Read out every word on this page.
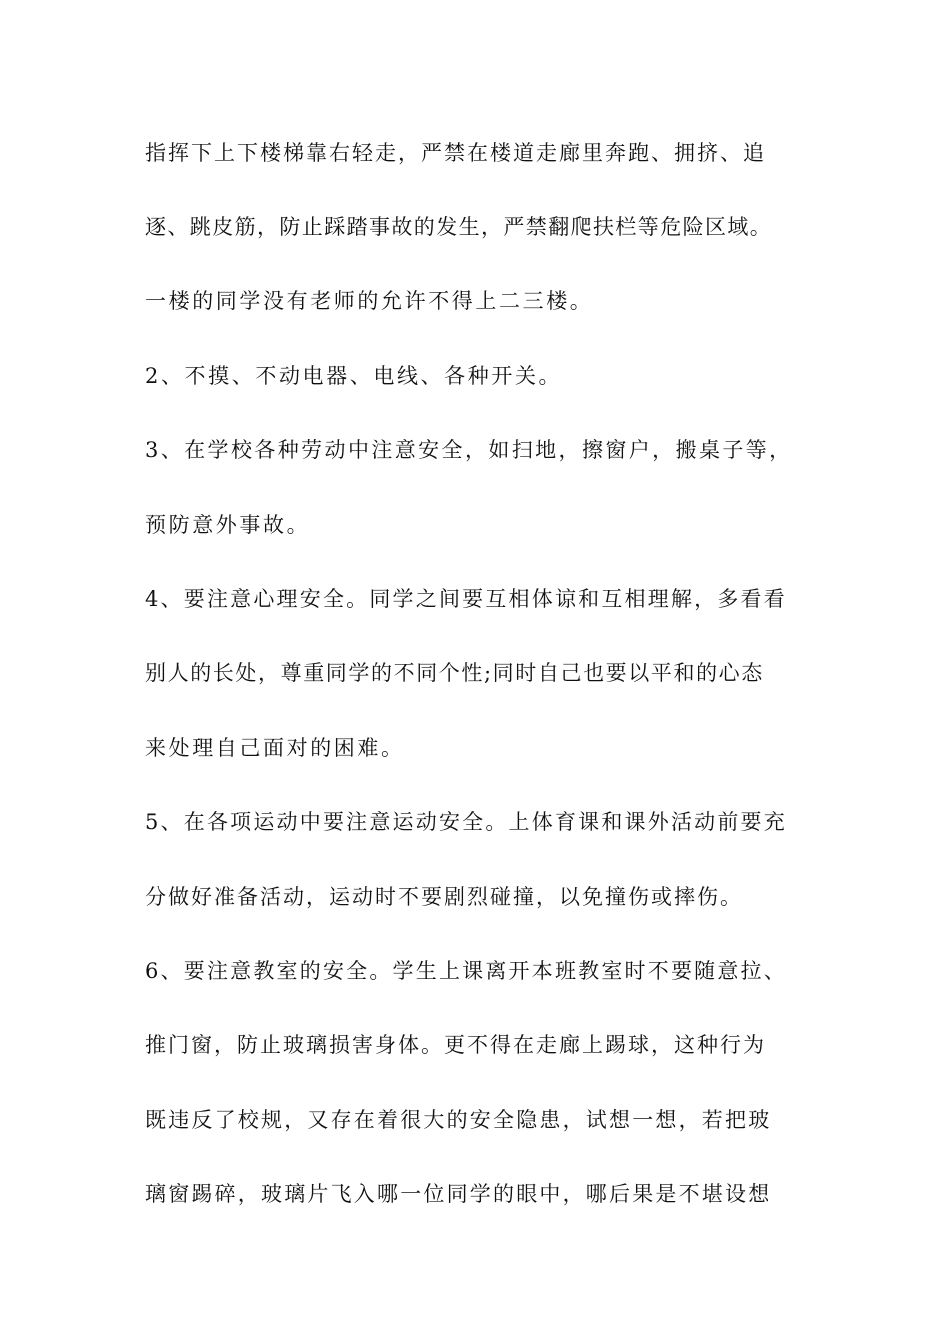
指挥下上下楼梯靠右轻走，严禁在楼道走廊里奔跑、拥挤、追

逐、跳皮筋，防止踩踏事故的发生，严禁翻爬扶栏等危险区域。

一楼的同学没有老师的允许不得上二三楼。

2、不摸、不动电器、电线、各种开关。

3、在学校各种劳动中注意安全，如扫地，擦窗户，搬桌子等，

预防意外事故。

4、要注意心理安全。同学之间要互相体谅和互相理解，多看看

别人的长处，尊重同学的不同个性;同时自己也要以平和的心态

来处理自己面对的困难。

5、在各项运动中要注意运动安全。上体育课和课外活动前要充

分做好准备活动，运动时不要剧烈碰撞，以免撞伤或摔伤。

6、要注意教室的安全。学生上课离开本班教室时不要随意拉、

推门窗，防止玻璃损害身体。更不得在走廊上踢球，这种行为

既违反了校规，又存在着很大的安全隐患，试想一想，若把玻

璃窗踢碎，玻璃片飞入哪一位同学的眼中，哪后果是不堪设想
